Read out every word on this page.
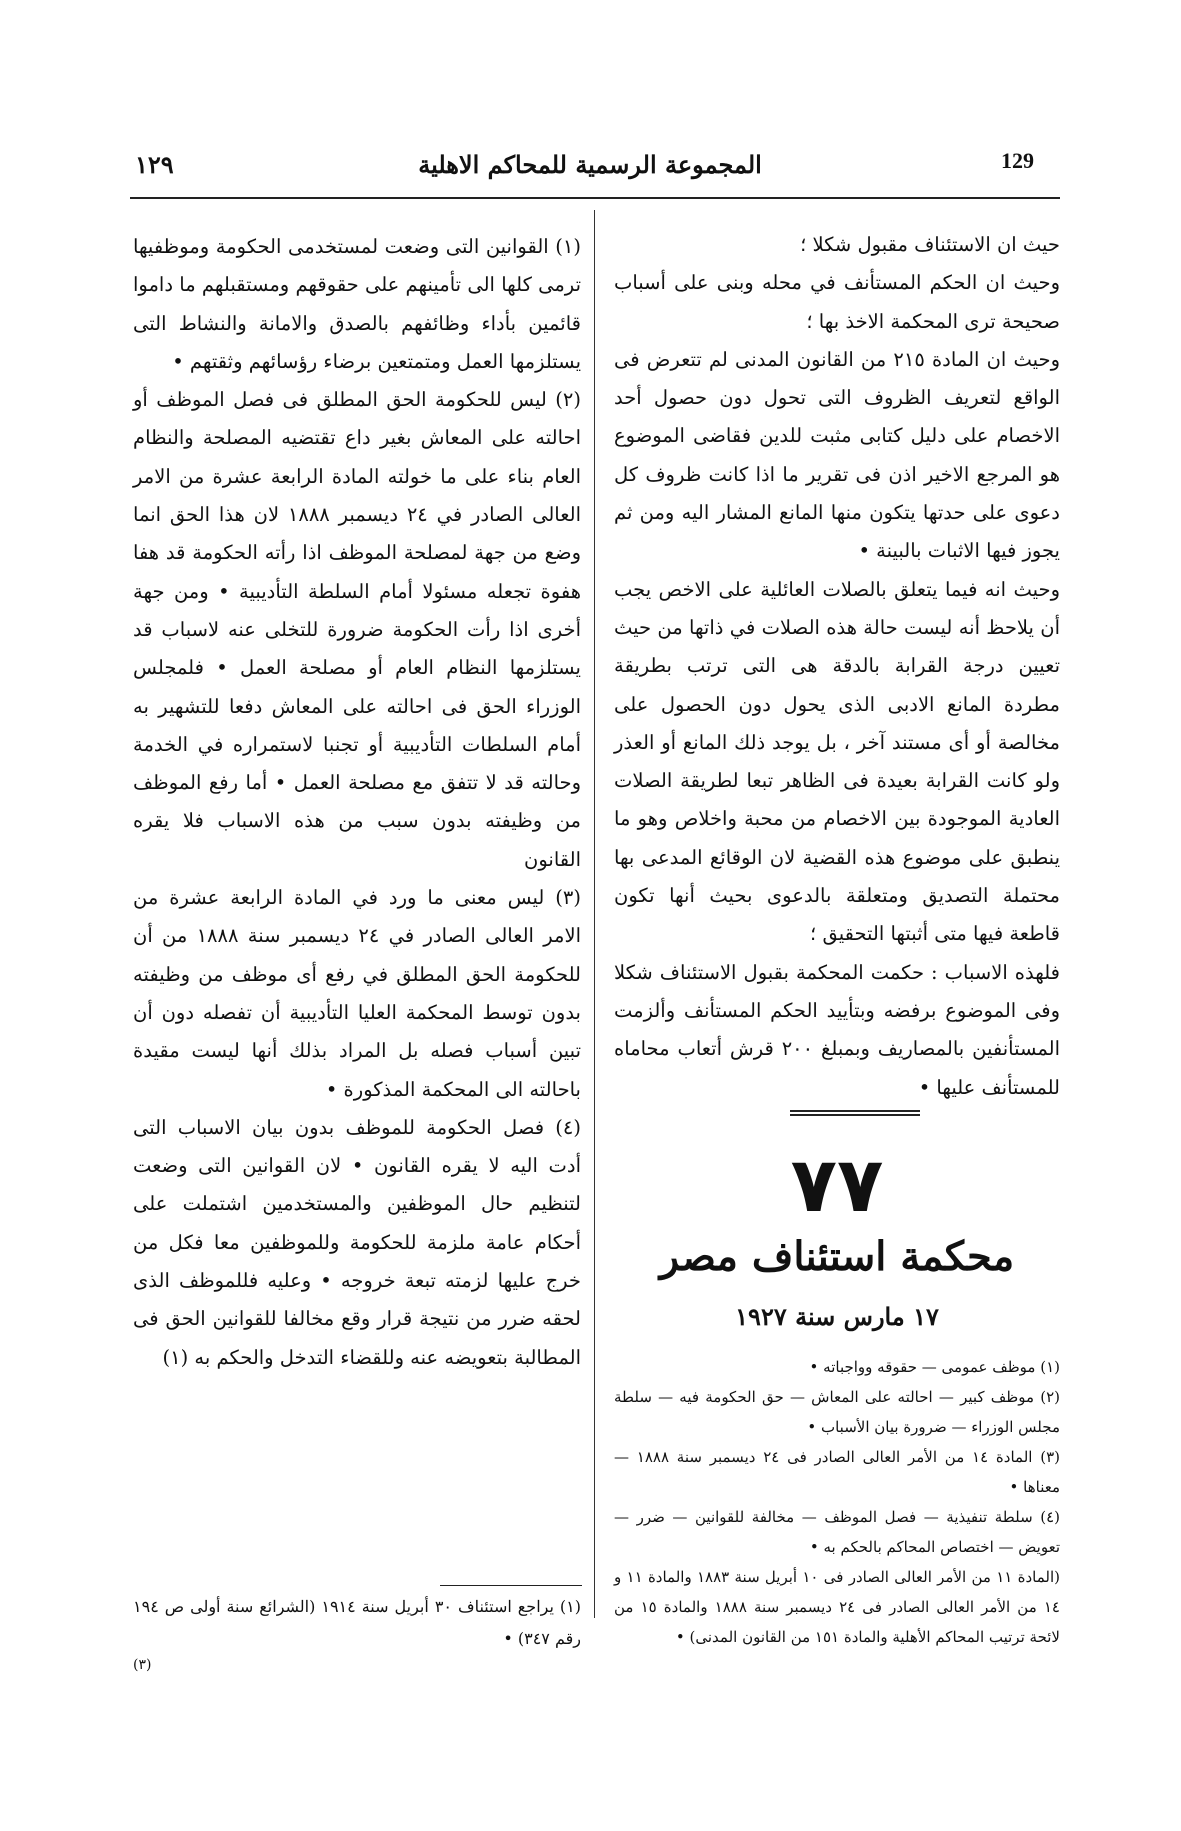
129
المجموعة الرسمية للمحاكم الاهلية
١٢٩

حيث ان الاستئناف مقبول شكلا ؛

وحيث ان الحكم المستأنف في محله وبنى على أسباب صحيحة ترى المحكمة الاخذ بها ؛

وحيث ان المادة ٢١٥ من القانون المدنى لم تتعرض فى الواقع لتعريف الظروف التى تحول دون حصول أحد الاخصام على دليل كتابى مثبت للدين فقاضى الموضوع هو المرجع الاخير اذن فى تقرير ما اذا كانت ظروف كل دعوى على حدتها يتكون منها المانع المشار اليه ومن ثم يجوز فيها الاثبات بالبينة •

وحيث انه فيما يتعلق بالصلات العائلية على الاخص يجب أن يلاحظ أنه ليست حالة هذه الصلات في ذاتها من حيث تعيين درجة القرابة بالدقة هى التى ترتب بطريقة مطردة المانع الادبى الذى يحول دون الحصول على مخالصة أو أى مستند آخر ، بل يوجد ذلك المانع أو العذر ولو كانت القرابة بعيدة فى الظاهر تبعا لطريقة الصلات العادية الموجودة بين الاخصام من محبة واخلاص وهو ما ينطبق على موضوع هذه القضية لان الوقائع المدعى بها محتملة التصديق ومتعلقة بالدعوى بحيث أنها تكون قاطعة فيها متى أثبتها التحقيق ؛

فلهذه الاسباب : حكمت المحكمة بقبول الاستئناف شكلا وفى الموضوع برفضه وبتأييد الحكم المستأنف وألزمت المستأنفين بالمصاريف وبمبلغ ٢٠٠ قرش أتعاب محاماه للمستأنف عليها •

٧٧
محكمة استئناف مصر
١٧ مارس سنة ١٩٢٧

(١) موظف عمومى — حقوقه وواجباته •

(٢) موظف كبير — احالته على المعاش — حق الحكومة فيه — سلطة مجلس الوزراء — ضرورة بيان الأسباب •

(٣) المادة ١٤ من الأمر العالى الصادر فى ٢٤ ديسمبر سنة ١٨٨٨ — معناها •

(٤) سلطة تنفيذية — فصل الموظف — مخالفة للقوانين — ضرر — تعويض — اختصاص المحاكم بالحكم به •

(المادة ١١ من الأمر العالى الصادر فى ١٠ أبريل سنة ١٨٨٣ والمادة ١١ و ١٤ من الأمر العالى الصادر فى ٢٤ ديسمبر سنة ١٨٨٨ والمادة ١٥ من لائحة ترتيب المحاكم الأهلية والمادة ١٥١ من القانون المدنى) •

(١) القوانين التى وضعت لمستخدمى الحكومة وموظفيها ترمى كلها الى تأمينهم على حقوقهم ومستقبلهم ما داموا قائمين بأداء وظائفهم بالصدق والامانة والنشاط التى يستلزمها العمل ومتمتعين برضاء رؤسائهم وثقتهم •

(٢) ليس للحكومة الحق المطلق فى فصل الموظف أو احالته على المعاش بغير داع تقتضيه المصلحة والنظام العام بناء على ما خولته المادة الرابعة عشرة من الامر العالى الصادر في ٢٤ ديسمبر ١٨٨٨ لان هذا الحق انما وضع من جهة لمصلحة الموظف اذا رأته الحكومة قد هفا هفوة تجعله مسئولا أمام السلطة التأديبية • ومن جهة أخرى اذا رأت الحكومة ضرورة للتخلى عنه لاسباب قد يستلزمها النظام العام أو مصلحة العمل • فلمجلس الوزراء الحق فى احالته على المعاش دفعا للتشهير به أمام السلطات التأديبية أو تجنبا لاستمراره في الخدمة وحالته قد لا تتفق مع مصلحة العمل • أما رفع الموظف من وظيفته بدون سبب من هذه الاسباب فلا يقره القانون

(٣) ليس معنى ما ورد في المادة الرابعة عشرة من الامر العالى الصادر في ٢٤ ديسمبر سنة ١٨٨٨ من أن للحكومة الحق المطلق في رفع أى موظف من وظيفته بدون توسط المحكمة العليا التأديبية أن تفصله دون أن تبين أسباب فصله بل المراد بذلك أنها ليست مقيدة باحالته الى المحكمة المذكورة •

(٤) فصل الحكومة للموظف بدون بيان الاسباب التى أدت اليه لا يقره القانون • لان القوانين التى وضعت لتنظيم حال الموظفين والمستخدمين اشتملت على أحكام عامة ملزمة للحكومة وللموظفين معا فكل من خرج عليها لزمته تبعة خروجه • وعليه فللموظف الذى لحقه ضرر من نتيجة قرار وقع مخالفا للقوانين الحق فى المطالبة بتعويضه عنه وللقضاء التدخل والحكم به (١)

(١) يراجع استئناف ٣٠ أبريل سنة ١٩١٤ (الشرائع سنة أولى ص ١٩٤ رقم ٣٤٧) •
(٣)
